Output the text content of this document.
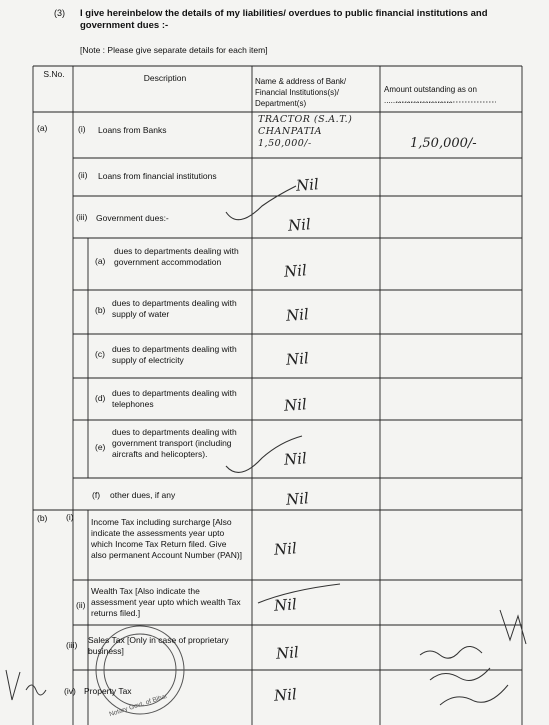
(3) I give hereinbelow the details of my liabilities/ overdues to public financial institutions and government dues :-
[Note : Please give separate details for each item]
S.No.	Description	Name & address of Bank/ Financial Institutions(s)/ Department(s)
Amount outstanding as on ...............................
(a)
(b)
(i) Loans from Banks
TRACTOR (S.A.T.) CHANPATIA 1,50,000/-	1,50,000/-
(ii) Loans from financial institutions	Nil
(iii) Government dues:-	Nil
(a)
dues to departments dealing with government accommodation	Nil
(b)
dues to departments dealing with supply of water	Nil
(c) dues to departments dealing with supply of electricity	Nil
(d) dues to departments dealing with telephones	Nil
(e)
dues to departments dealing with government transport (including aircrafts and helicopters).	Nil
(f) other dues, if any	Nil
(i) Income Tax including surcharge [Also indicate the assessments year upto which Income Tax Return filed. Give also permanent Account Number (PAN)] Nil
(ii)
Wealth Tax [Also indicate the assessment year upto which wealth Tax returns filed.]	Nil
(iii) Sales Tax [Only in case of proprietary business]	Nil
(iv) Property Tax	Nil
Notary Govt. of Bihar
